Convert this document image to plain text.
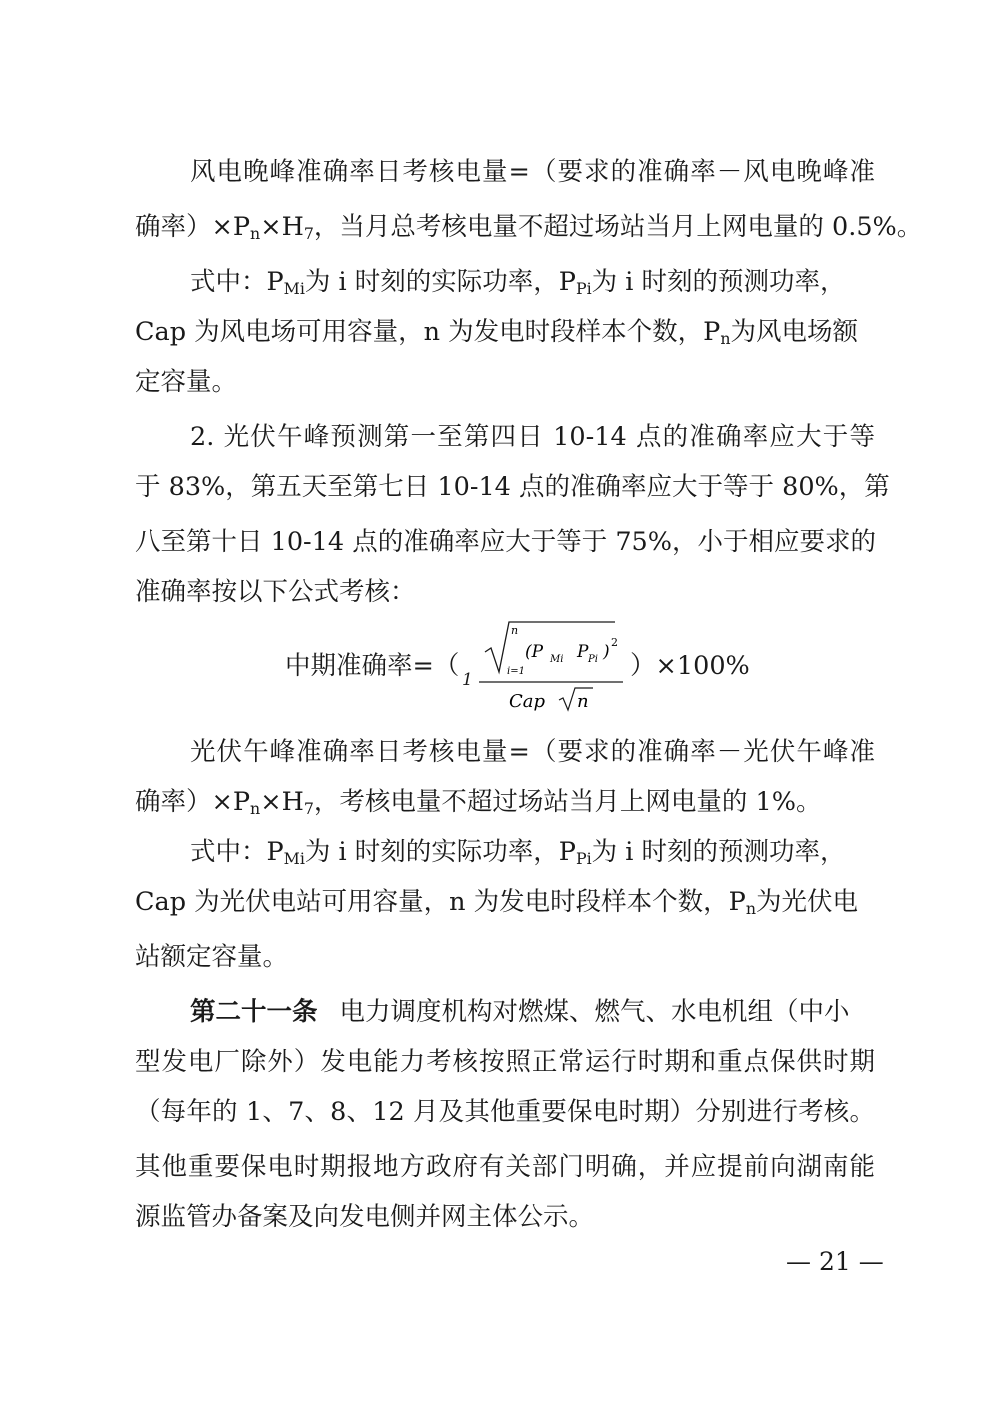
风电晚峰准确率日考核电量=（要求的准确率－风电晚峰准

确率）$\times P_n\times H_7$，当月总考核电量不超过场站当月上网电量的 0.5%。

式中：$P_{Mi}$为 i 时刻的实际功率，$P_{Pi}$为 i 时刻的预测功率，

Cap 为风电场可用容量，n 为发电时段样本个数，$P_n$为风电场额

定容量。

2. 光伏午峰预测第一至第四日 10-14 点的准确率应大于等

于 83%，第五天至第七日 10-14 点的准确率应大于等于 80%，第

八至第十日 10-14 点的准确率应大于等于 75%，小于相应要求的

准确率按以下公式考核：

中期准确率=（ 1
n
i=1
(P Mi P Pi ) 2
Cap n
）×100%

光伏午峰准确率日考核电量=（要求的准确率－光伏午峰准

确率）$\times P_n\times H_7$，考核电量不超过场站当月上网电量的 1%。

式中：$P_{Mi}$为 i 时刻的实际功率，$P_{Pi}$为 i 时刻的预测功率，

Cap 为光伏电站可用容量，n 为发电时段样本个数，$P_n$为光伏电

站额定容量。

第二十一条 电力调度机构对燃煤、燃气、水电机组（中小

型发电厂除外）发电能力考核按照正常运行时期和重点保供时期

（每年的 1、7、8、12 月及其他重要保电时期）分别进行考核。

其他重要保电时期报地方政府有关部门明确，并应提前向湖南能

源监管办备案及向发电侧并网主体公示。

— 21 —
